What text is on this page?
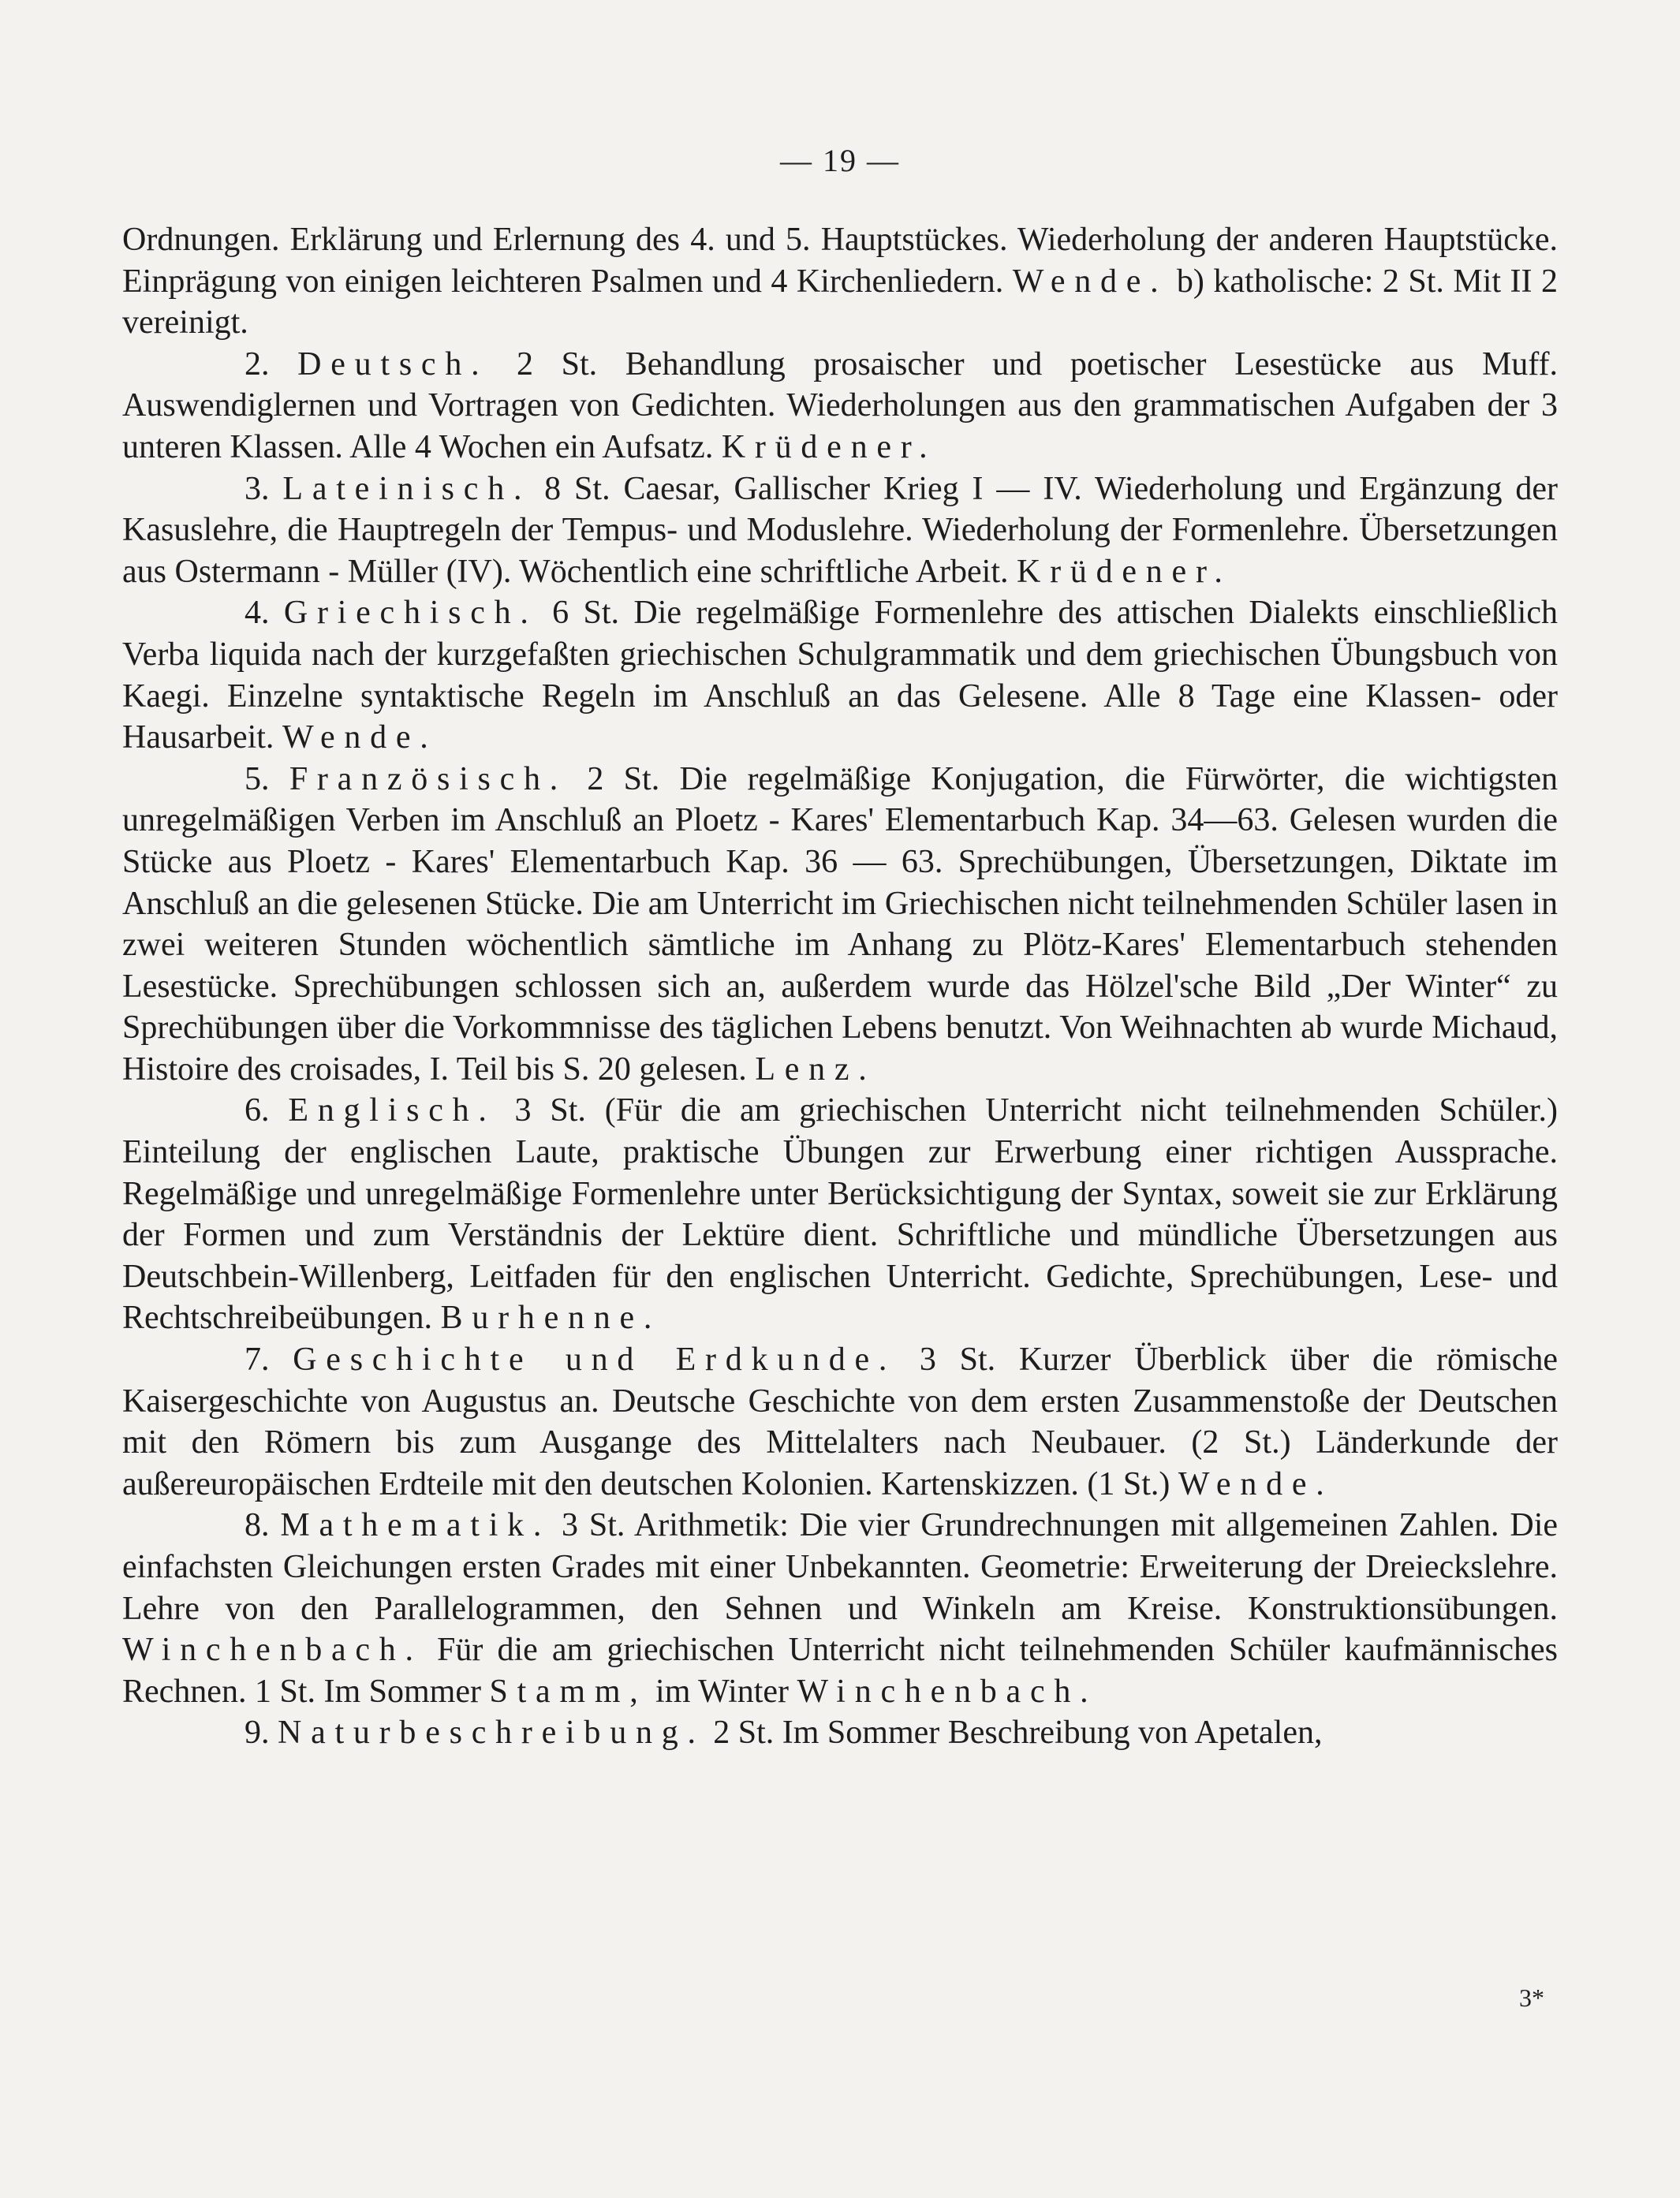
— 19 —

Ordnungen. Erklärung und Erlernung des 4. und 5. Hauptstückes. Wiederholung der anderen Hauptstücke. Einprägung von einigen leichteren Psalmen und 4 Kirchenliedern. Wende. b) katholische: 2 St. Mit II 2 vereinigt.

2. Deutsch. 2 St. Behandlung prosaischer und poetischer Lesestücke aus Muff. Auswendiglernen und Vortragen von Gedichten. Wiederholungen aus den grammatischen Aufgaben der 3 unteren Klassen. Alle 4 Wochen ein Aufsatz. Krüdener.

3. Lateinisch. 8 St. Caesar, Gallischer Krieg I — IV. Wiederholung und Ergänzung der Kasuslehre, die Hauptregeln der Tempus- und Moduslehre. Wiederholung der Formenlehre. Übersetzungen aus Ostermann - Müller (IV). Wöchentlich eine schriftliche Arbeit. Krüdener.

4. Griechisch. 6 St. Die regelmäßige Formenlehre des attischen Dialekts einschließlich Verba liquida nach der kurzgefaßten griechischen Schulgrammatik und dem griechischen Übungsbuch von Kaegi. Einzelne syntaktische Regeln im Anschluß an das Gelesene. Alle 8 Tage eine Klassen- oder Hausarbeit. Wende.

5. Französisch. 2 St. Die regelmäßige Konjugation, die Fürwörter, die wichtigsten unregelmäßigen Verben im Anschluß an Ploetz - Kares' Elementarbuch Kap. 34—63. Gelesen wurden die Stücke aus Ploetz - Kares' Elementarbuch Kap. 36 — 63. Sprechübungen, Übersetzungen, Diktate im Anschluß an die gelesenen Stücke. Die am Unterricht im Griechischen nicht teilnehmenden Schüler lasen in zwei weiteren Stunden wöchentlich sämtliche im Anhang zu Plötz-Kares' Elementarbuch stehenden Lesestücke. Sprechübungen schlossen sich an, außerdem wurde das Hölzel'sche Bild „Der Winter“ zu Sprechübungen über die Vorkommnisse des täglichen Lebens benutzt. Von Weihnachten ab wurde Michaud, Histoire des croisades, I. Teil bis S. 20 gelesen. Lenz.

6. Englisch. 3 St. (Für die am griechischen Unterricht nicht teilnehmenden Schüler.) Einteilung der englischen Laute, praktische Übungen zur Erwerbung einer richtigen Aussprache. Regelmäßige und unregelmäßige Formenlehre unter Berücksichtigung der Syntax, soweit sie zur Erklärung der Formen und zum Verständnis der Lektüre dient. Schriftliche und mündliche Übersetzungen aus Deutschbein-Willenberg, Leitfaden für den englischen Unterricht. Gedichte, Sprechübungen, Lese- und Rechtschreibeübungen. Burhenne.

7. Geschichte und Erdkunde. 3 St. Kurzer Überblick über die römische Kaisergeschichte von Augustus an. Deutsche Geschichte von dem ersten Zusammenstoße der Deutschen mit den Römern bis zum Ausgange des Mittelalters nach Neubauer. (2 St.) Länderkunde der außereuropäischen Erdteile mit den deutschen Kolonien. Kartenskizzen. (1 St.) Wende.

8. Mathematik. 3 St. Arithmetik: Die vier Grundrechnungen mit allgemeinen Zahlen. Die einfachsten Gleichungen ersten Grades mit einer Unbekannten. Geometrie: Erweiterung der Dreieckslehre. Lehre von den Parallelogrammen, den Sehnen und Winkeln am Kreise. Konstruktionsübungen. Winchenbach. Für die am griechischen Unterricht nicht teilnehmenden Schüler kaufmännisches Rechnen. 1 St. Im Sommer Stamm, im Winter Winchenbach.

9. Naturbeschreibung. 2 St. Im Sommer Beschreibung von Apetalen,

3*
